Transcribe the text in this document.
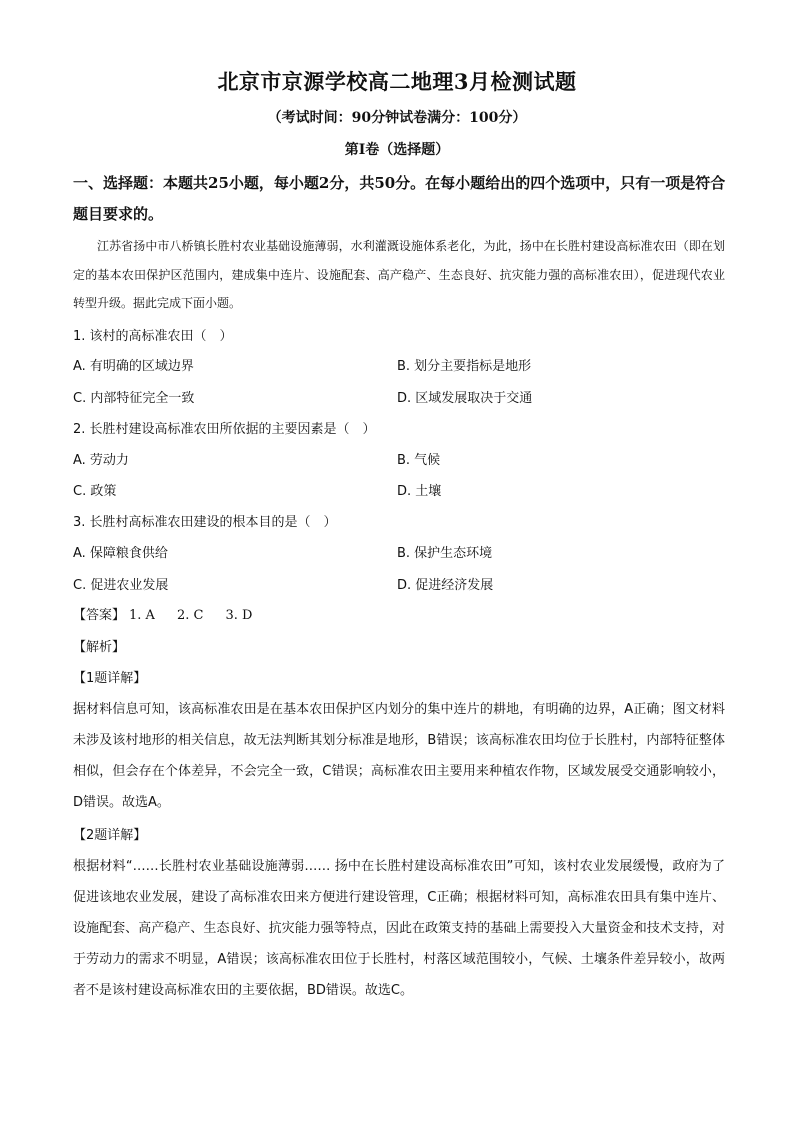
北京市京源学校高二地理3月检测试题
（考试时间：90分钟试卷满分：100分）
第Ⅰ卷（选择题）
一、选择题：本题共25小题，每小题2分，共50分。在每小题给出的四个选项中，只有一项是符合题目要求的。
江苏省扬中市八桥镇长胜村农业基础设施薄弱，水利灌溉设施体系老化，为此，扬中在长胜村建设高标准农田（即在划定的基本农田保护区范围内，建成集中连片、设施配套、高产稳产、生态良好、抗灾能力强的高标准农田），促进现代农业转型升级。据此完成下面小题。
1. 该村的高标准农田（　）
A. 有明确的区域边界	B. 划分主要指标是地形
C. 内部特征完全一致	D. 区域发展取决于交通
2. 长胜村建设高标准农田所依据的主要因素是（　）
A. 劳动力	B. 气候
C. 政策	D. 土壤
3. 长胜村高标准农田建设的根本目的是（　）
A. 保障粮食供给	B. 保护生态环境
C. 促进农业发展	D. 促进经济发展
【答案】 1. A 2. C 3. D
【解析】
【1题详解】
据材料信息可知，该高标准农田是在基本农田保护区内划分的集中连片的耕地，有明确的边界，A正确；图文材料未涉及该村地形的相关信息，故无法判断其划分标准是地形，B错误；该高标准农田均位于长胜村，内部特征整体相似，但会存在个体差异，不会完全一致，C错误；高标准农田主要用来种植农作物，区域发展受交通影响较小，D错误。故选A。
【2题详解】
根据材料“……长胜村农业基础设施薄弱…… 扬中在长胜村建设高标准农田”可知，该村农业发展缓慢，政府为了促进该地农业发展，建设了高标准农田来方便进行建设管理，C正确；根据材料可知，高标准农田具有集中连片、设施配套、高产稳产、生态良好、抗灾能力强等特点，因此在政策支持的基础上需要投入大量资金和技术支持，对于劳动力的需求不明显，A错误；该高标准农田位于长胜村，村落区域范围较小，气候、土壤条件差异较小，故两者不是该村建设高标准农田的主要依据，BD错误。故选C。
